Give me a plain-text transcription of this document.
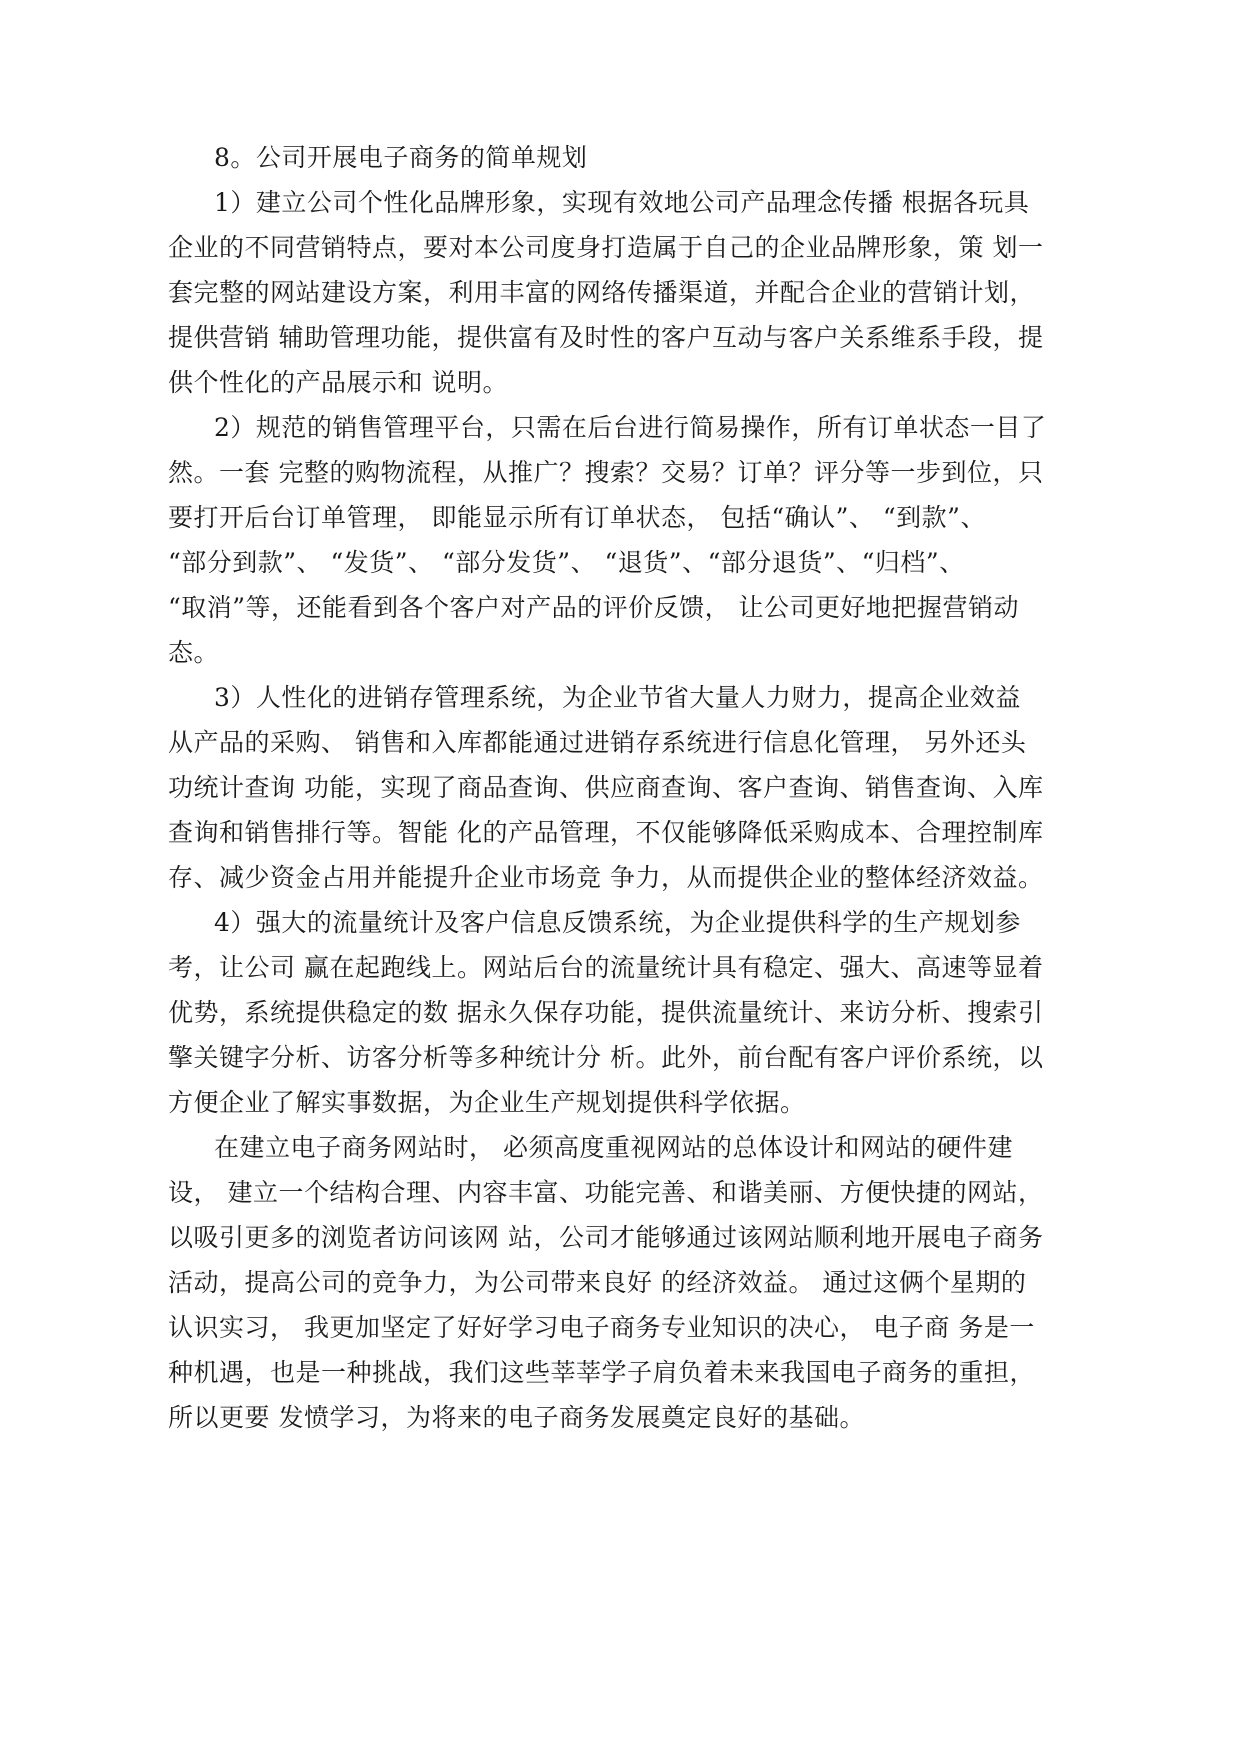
8。公司开展电子商务的简单规划
1）建立公司个性化品牌形象，实现有效地公司产品理念传播 根据各玩具
企业的不同营销特点，要对本公司度身打造属于自己的企业品牌形象，策 划一
套完整的网站建设方案，利用丰富的网络传播渠道，并配合企业的营销计划，
提供营销 辅助管理功能，提供富有及时性的客户互动与客户关系维系手段，提
供个性化的产品展示和 说明。
2）规范的销售管理平台，只需在后台进行简易操作，所有订单状态一目了
然。一套 完整的购物流程，从推广？搜索？交易？订单？评分等一步到位，只
要打开后台订单管理， 即能显示所有订单状态， 包括“确认”、 “到款”、
“部分到款”、 “发货”、 “部分发货”、 “退货”、“部分退货”、“归档”、
“取消”等，还能看到各个客户对产品的评价反馈， 让公司更好地把握营销动
态。
3）人性化的进销存管理系统，为企业节省大量人力财力，提高企业效益
从产品的采购、 销售和入库都能通过进销存系统进行信息化管理， 另外还头
功统计查询 功能，实现了商品查询、供应商查询、客户查询、销售查询、入库
查询和销售排行等。智能 化的产品管理，不仅能够降低采购成本、合理控制库
存、减少资金占用并能提升企业市场竞 争力，从而提供企业的整体经济效益。
4）强大的流量统计及客户信息反馈系统，为企业提供科学的生产规划参
考，让公司 赢在起跑线上。网站后台的流量统计具有稳定、强大、高速等显着
优势，系统提供稳定的数 据永久保存功能，提供流量统计、来访分析、搜索引
擎关键字分析、访客分析等多种统计分 析。此外，前台配有客户评价系统，以
方便企业了解实事数据，为企业生产规划提供科学依据。
在建立电子商务网站时， 必须高度重视网站的总体设计和网站的硬件建
设， 建立一个结构合理、内容丰富、功能完善、和谐美丽、方便快捷的网站，
以吸引更多的浏览者访问该网 站，公司才能够通过该网站顺利地开展电子商务
活动，提高公司的竞争力，为公司带来良好 的经济效益。 通过这俩个星期的
认识实习， 我更加坚定了好好学习电子商务专业知识的决心， 电子商 务是一
种机遇，也是一种挑战，我们这些莘莘学子肩负着未来我国电子商务的重担，
所以更要 发愤学习，为将来的电子商务发展奠定良好的基础。
